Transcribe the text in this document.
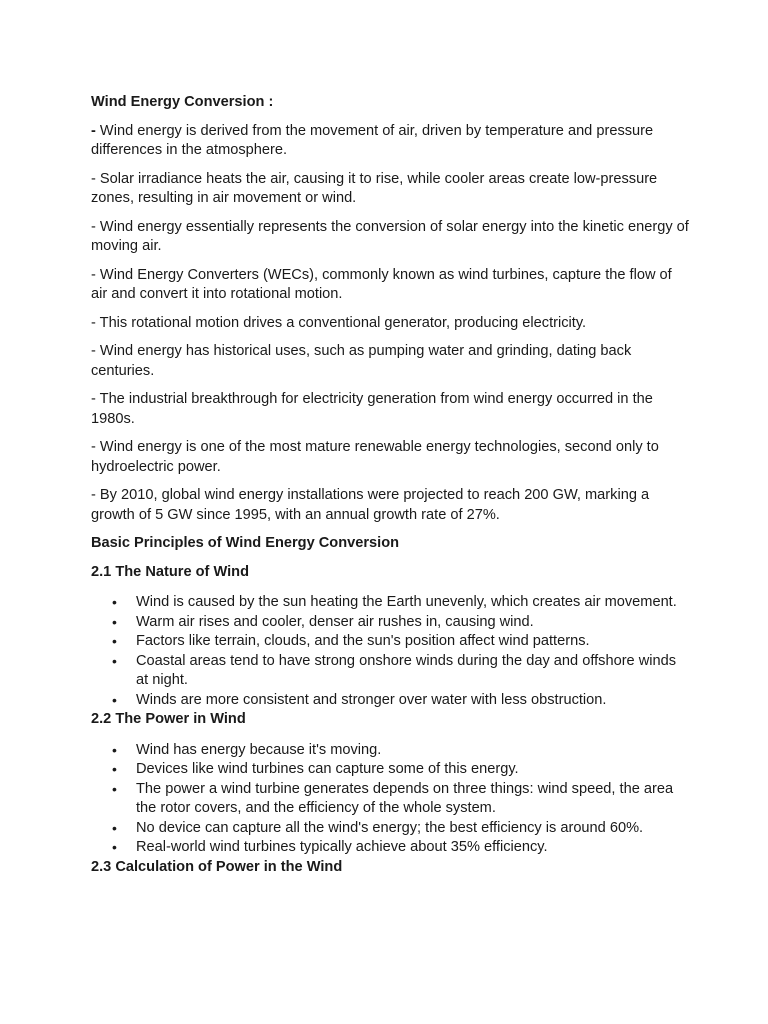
Wind Energy Conversion :

- Wind energy is derived from the movement of air, driven by temperature and pressure differences in the atmosphere.

- Solar irradiance heats the air, causing it to rise, while cooler areas create low-pressure zones, resulting in air movement or wind.

- Wind energy essentially represents the conversion of solar energy into the kinetic energy of moving air.

- Wind Energy Converters (WECs), commonly known as wind turbines, capture the flow of air and convert it into rotational motion.

- This rotational motion drives a conventional generator, producing electricity.

- Wind energy has historical uses, such as pumping water and grinding, dating back centuries.

- The industrial breakthrough for electricity generation from wind energy occurred in the 1980s.

- Wind energy is one of the most mature renewable energy technologies, second only to hydroelectric power.

- By 2010, global wind energy installations were projected to reach 200 GW, marking a growth of 5 GW since 1995, with an annual growth rate of 27%.

Basic Principles of Wind Energy Conversion
2.1 The Nature of Wind
• Wind is caused by the sun heating the Earth unevenly, which creates air movement.
• Warm air rises and cooler, denser air rushes in, causing wind.
• Factors like terrain, clouds, and the sun's position affect wind patterns.
• Coastal areas tend to have strong onshore winds during the day and offshore winds at night.
• Winds are more consistent and stronger over water with less obstruction.
2.2 The Power in Wind
• Wind has energy because it's moving.
• Devices like wind turbines can capture some of this energy.
• The power a wind turbine generates depends on three things: wind speed, the area the rotor covers, and the efficiency of the whole system.
• No device can capture all the wind's energy; the best efficiency is around 60%.
• Real-world wind turbines typically achieve about 35% efficiency.
2.3 Calculation of Power in the Wind
